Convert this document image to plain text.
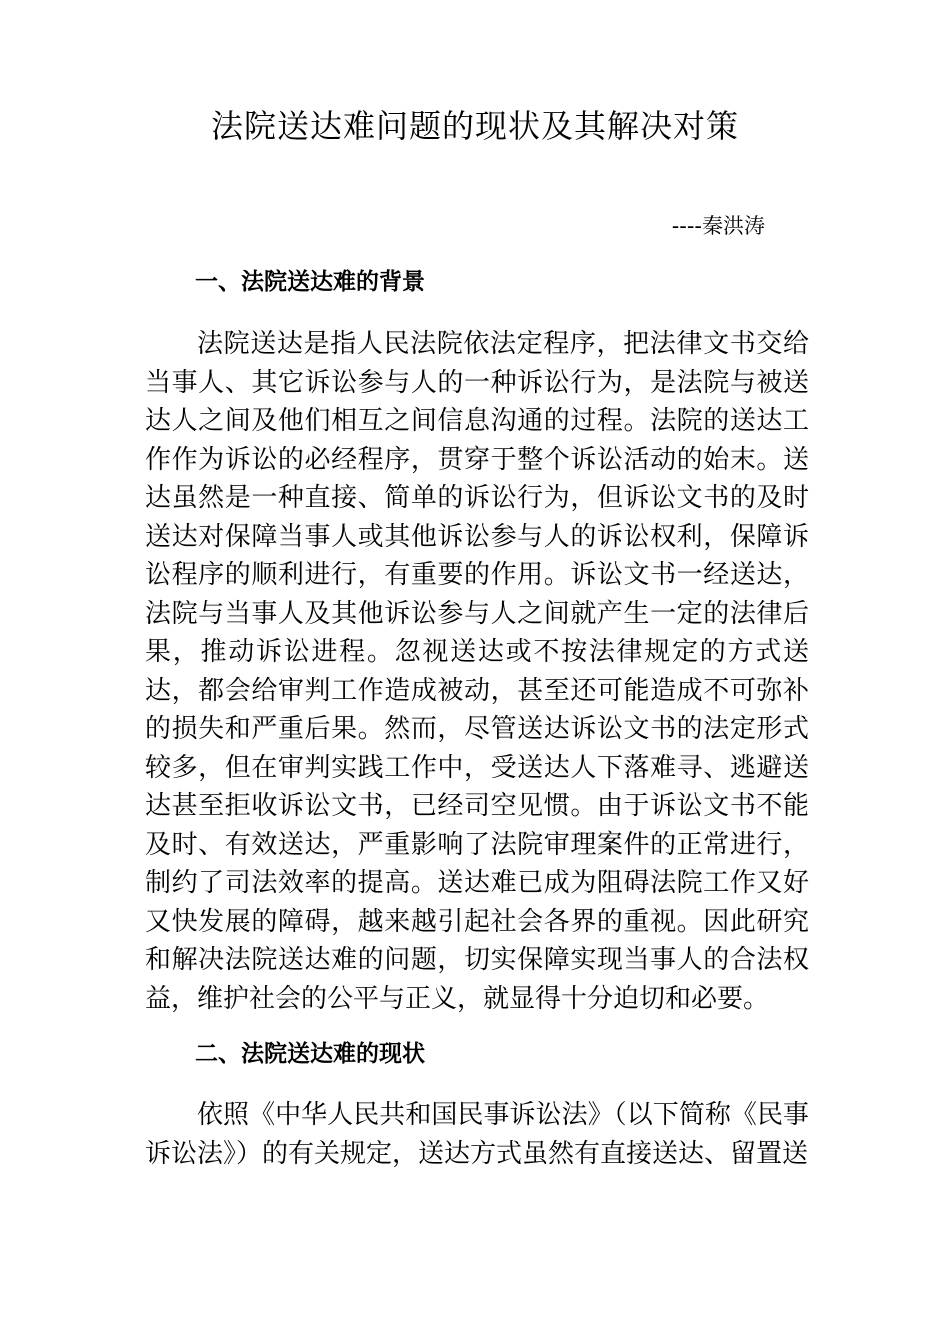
法院送达难问题的现状及其解决对策
----秦洪涛
一、法院送达难的背景

法院送达是指人民法院依法定程序，把法律文书交给当事人、其它诉讼参与人的一种诉讼行为，是法院与被送达人之间及他们相互之间信息沟通的过程。法院的送达工作作为诉讼的必经程序，贯穿于整个诉讼活动的始末。送达虽然是一种直接、简单的诉讼行为，但诉讼文书的及时送达对保障当事人或其他诉讼参与人的诉讼权利，保障诉讼程序的顺利进行，有重要的作用。诉讼文书一经送达，法院与当事人及其他诉讼参与人之间就产生一定的法律后果，推动诉讼进程。忽视送达或不按法律规定的方式送达，都会给审判工作造成被动，甚至还可能造成不可弥补的损失和严重后果。然而，尽管送达诉讼文书的法定形式较多，但在审判实践工作中，受送达人下落难寻、逃避送达甚至拒收诉讼文书，已经司空见惯。由于诉讼文书不能及时、有效送达，严重影响了法院审理案件的正常进行，制约了司法效率的提高。送达难已成为阻碍法院工作又好又快发展的障碍，越来越引起社会各界的重视。因此研究和解决法院送达难的问题，切实保障实现当事人的合法权益，维护社会的公平与正义，就显得十分迫切和必要。

二、法院送达难的现状

依照《中华人民共和国民事诉讼法》（以下简称《民事诉讼法》）的有关规定，送达方式虽然有直接送达、留置送
